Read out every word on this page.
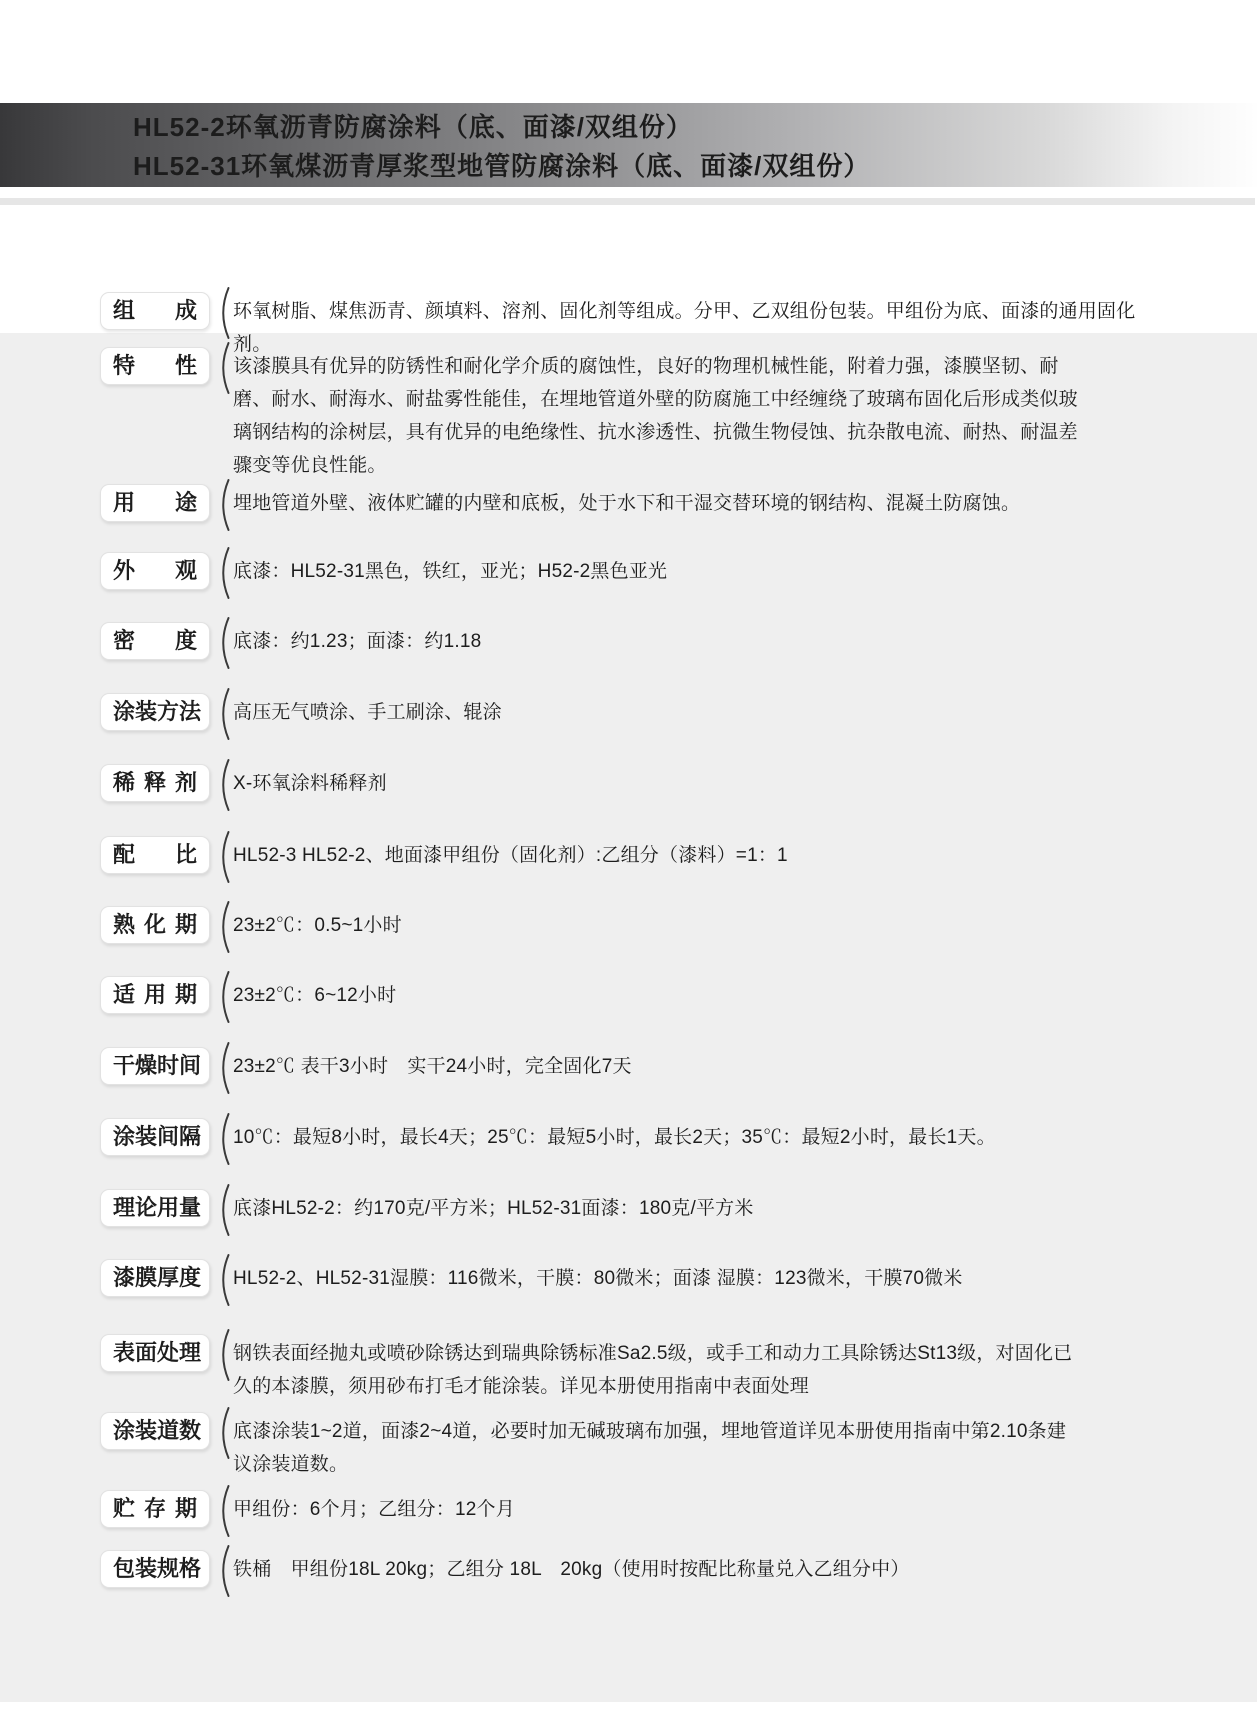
HL52-2环氧沥青防腐涂料（底、面漆/双组份）
HL52-31环氧煤沥青厚浆型地管防腐涂料（底、面漆/双组份）
组成	环氧树脂、煤焦沥青、颜填料、溶剂、固化剂等组成。分甲、乙双组份包装。甲组份为底、面漆的通用固化剂。
特性	该漆膜具有优异的防锈性和耐化学介质的腐蚀性，良好的物理机械性能，附着力强，漆膜坚韧、耐磨、耐水、耐海水、耐盐雾性能佳，在埋地管道外壁的防腐施工中经缠绕了玻璃布固化后形成类似玻璃钢结构的涂树层，具有优异的电绝缘性、抗水渗透性、抗微生物侵蚀、抗杂散电流、耐热、耐温差骤变等优良性能。
用途	埋地管道外壁、液体贮罐的内壁和底板，处于水下和干湿交替环境的钢结构、混凝土防腐蚀。
外观	底漆：HL52-31黑色，铁红，亚光；H52-2黑色亚光
密度	底漆：约1.23；面漆：约1.18
涂装方法	高压无气喷涂、手工刷涂、辊涂
稀释剂	X-环氧涂料稀释剂
配比	HL52-3 HL52-2、地面漆甲组份（固化剂）:乙组分（漆料）=1：1
熟化期	23±2℃：0.5~1小时
适用期	23±2℃：6~12小时
干燥时间	23±2℃ 表干3小时　实干24小时，完全固化7天
涂装间隔	10℃：最短8小时，最长4天；25℃：最短5小时，最长2天；35℃：最短2小时，最长1天。
理论用量	底漆HL52-2：约170克/平方米；HL52-31面漆：180克/平方米
漆膜厚度	HL52-2、HL52-31湿膜：116微米，干膜：80微米；面漆 湿膜：123微米，干膜70微米
表面处理	钢铁表面经抛丸或喷砂除锈达到瑞典除锈标准Sa2.5级，或手工和动力工具除锈达St13级，对固化已久的本漆膜，须用砂布打毛才能涂装。详见本册使用指南中表面处理
涂装道数	底漆涂装1~2道，面漆2~4道，必要时加无碱玻璃布加强，埋地管道详见本册使用指南中第2.10条建议涂装道数。
贮存期	甲组份：6个月；乙组分：12个月
包装规格	铁桶　甲组份18L 20kg；乙组分 18L　20kg（使用时按配比称量兑入乙组分中）
